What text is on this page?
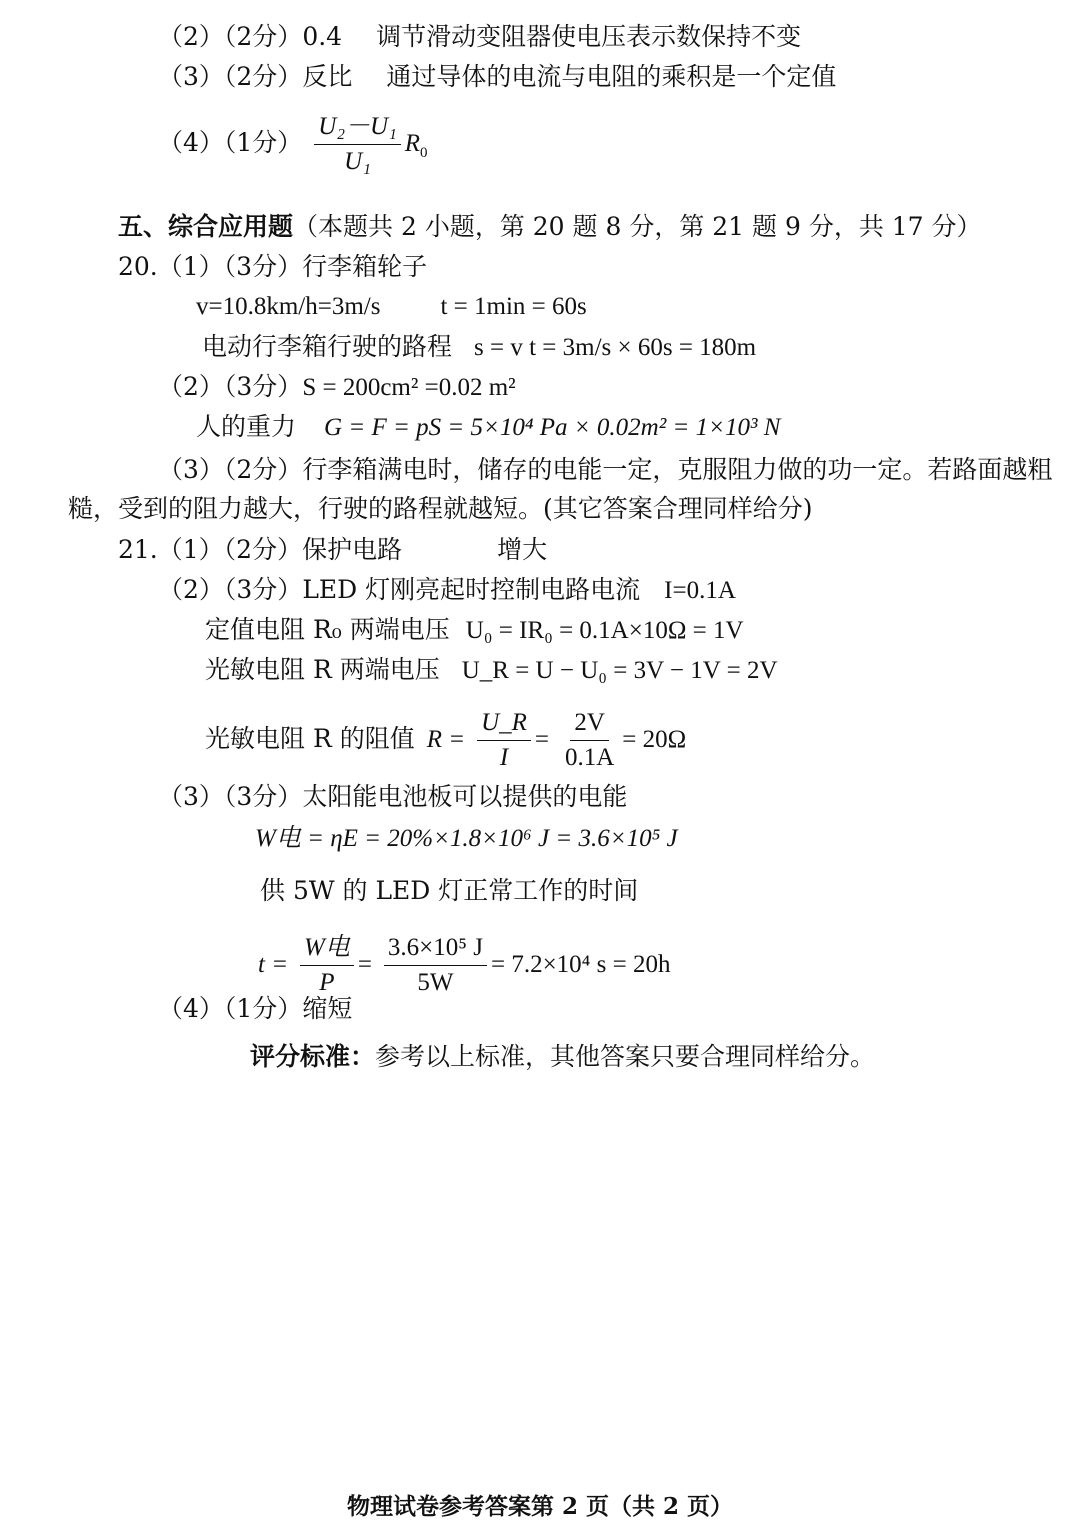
（2）（2分）0.4 调节滑动变阻器使电压表示数保持不变
（3）（2分）反比 通过导体的电流与电阻的乘积是一个定值
（4）（1分） $\frac{\text{U₂－U₁}}{\text{U₁}} R_0$
五、综合应用题（本题共 2 小题，第 20 题 8 分，第 21 题 9 分，共 17 分）
20.（1）（3分）行李箱轮子
v=10.8km/h=3m/s t = 1min = 60s
电动行李箱行驶的路程 s = v t = 3m/s × 60s = 180m
（2）（3分）S = 200cm² =0.02 m²
人的重力 G = F = pS = 5×10⁴ Pa × 0.02m² = 1×10³ N
（3）（2分）行李箱满电时，储存的电能一定，克服阻力做的功一定。若路面越粗
糙，受到的阻力越大，行驶的路程就越短。(其它答案合理同样给分)
21.（1）（2分）保护电路	增大
（2）（3分）LED 灯刚亮起时控制电路电流 I=0.1A
定值电阻 R₀ 两端电压 U₀ = IR₀ = 0.1A×10Ω = 1V
光敏电阻 R 两端电压 U_R = U − U₀ = 3V − 1V = 2V
光敏电阻 R 的阻值 $R = \frac{U\_R}{I} = \frac{2V}{0.1A} = 20\Omega$
（3）（3分）太阳能电池板可以提供的电能
W电 = ηE = 20%×1.8×10⁶ J = 3.6×10⁵ J
供 5W 的 LED 灯正常工作的时间
$t = \frac{\text{W电}}{P} = \frac{\text{3.6×10⁵ J}}{5W} = 7.2\times 10^4$ s = 20h
（4）（1分）缩短
评分标准：参考以上标准，其他答案只要合理同样给分。
物理试卷参考答案第 2 页（共 2 页）
